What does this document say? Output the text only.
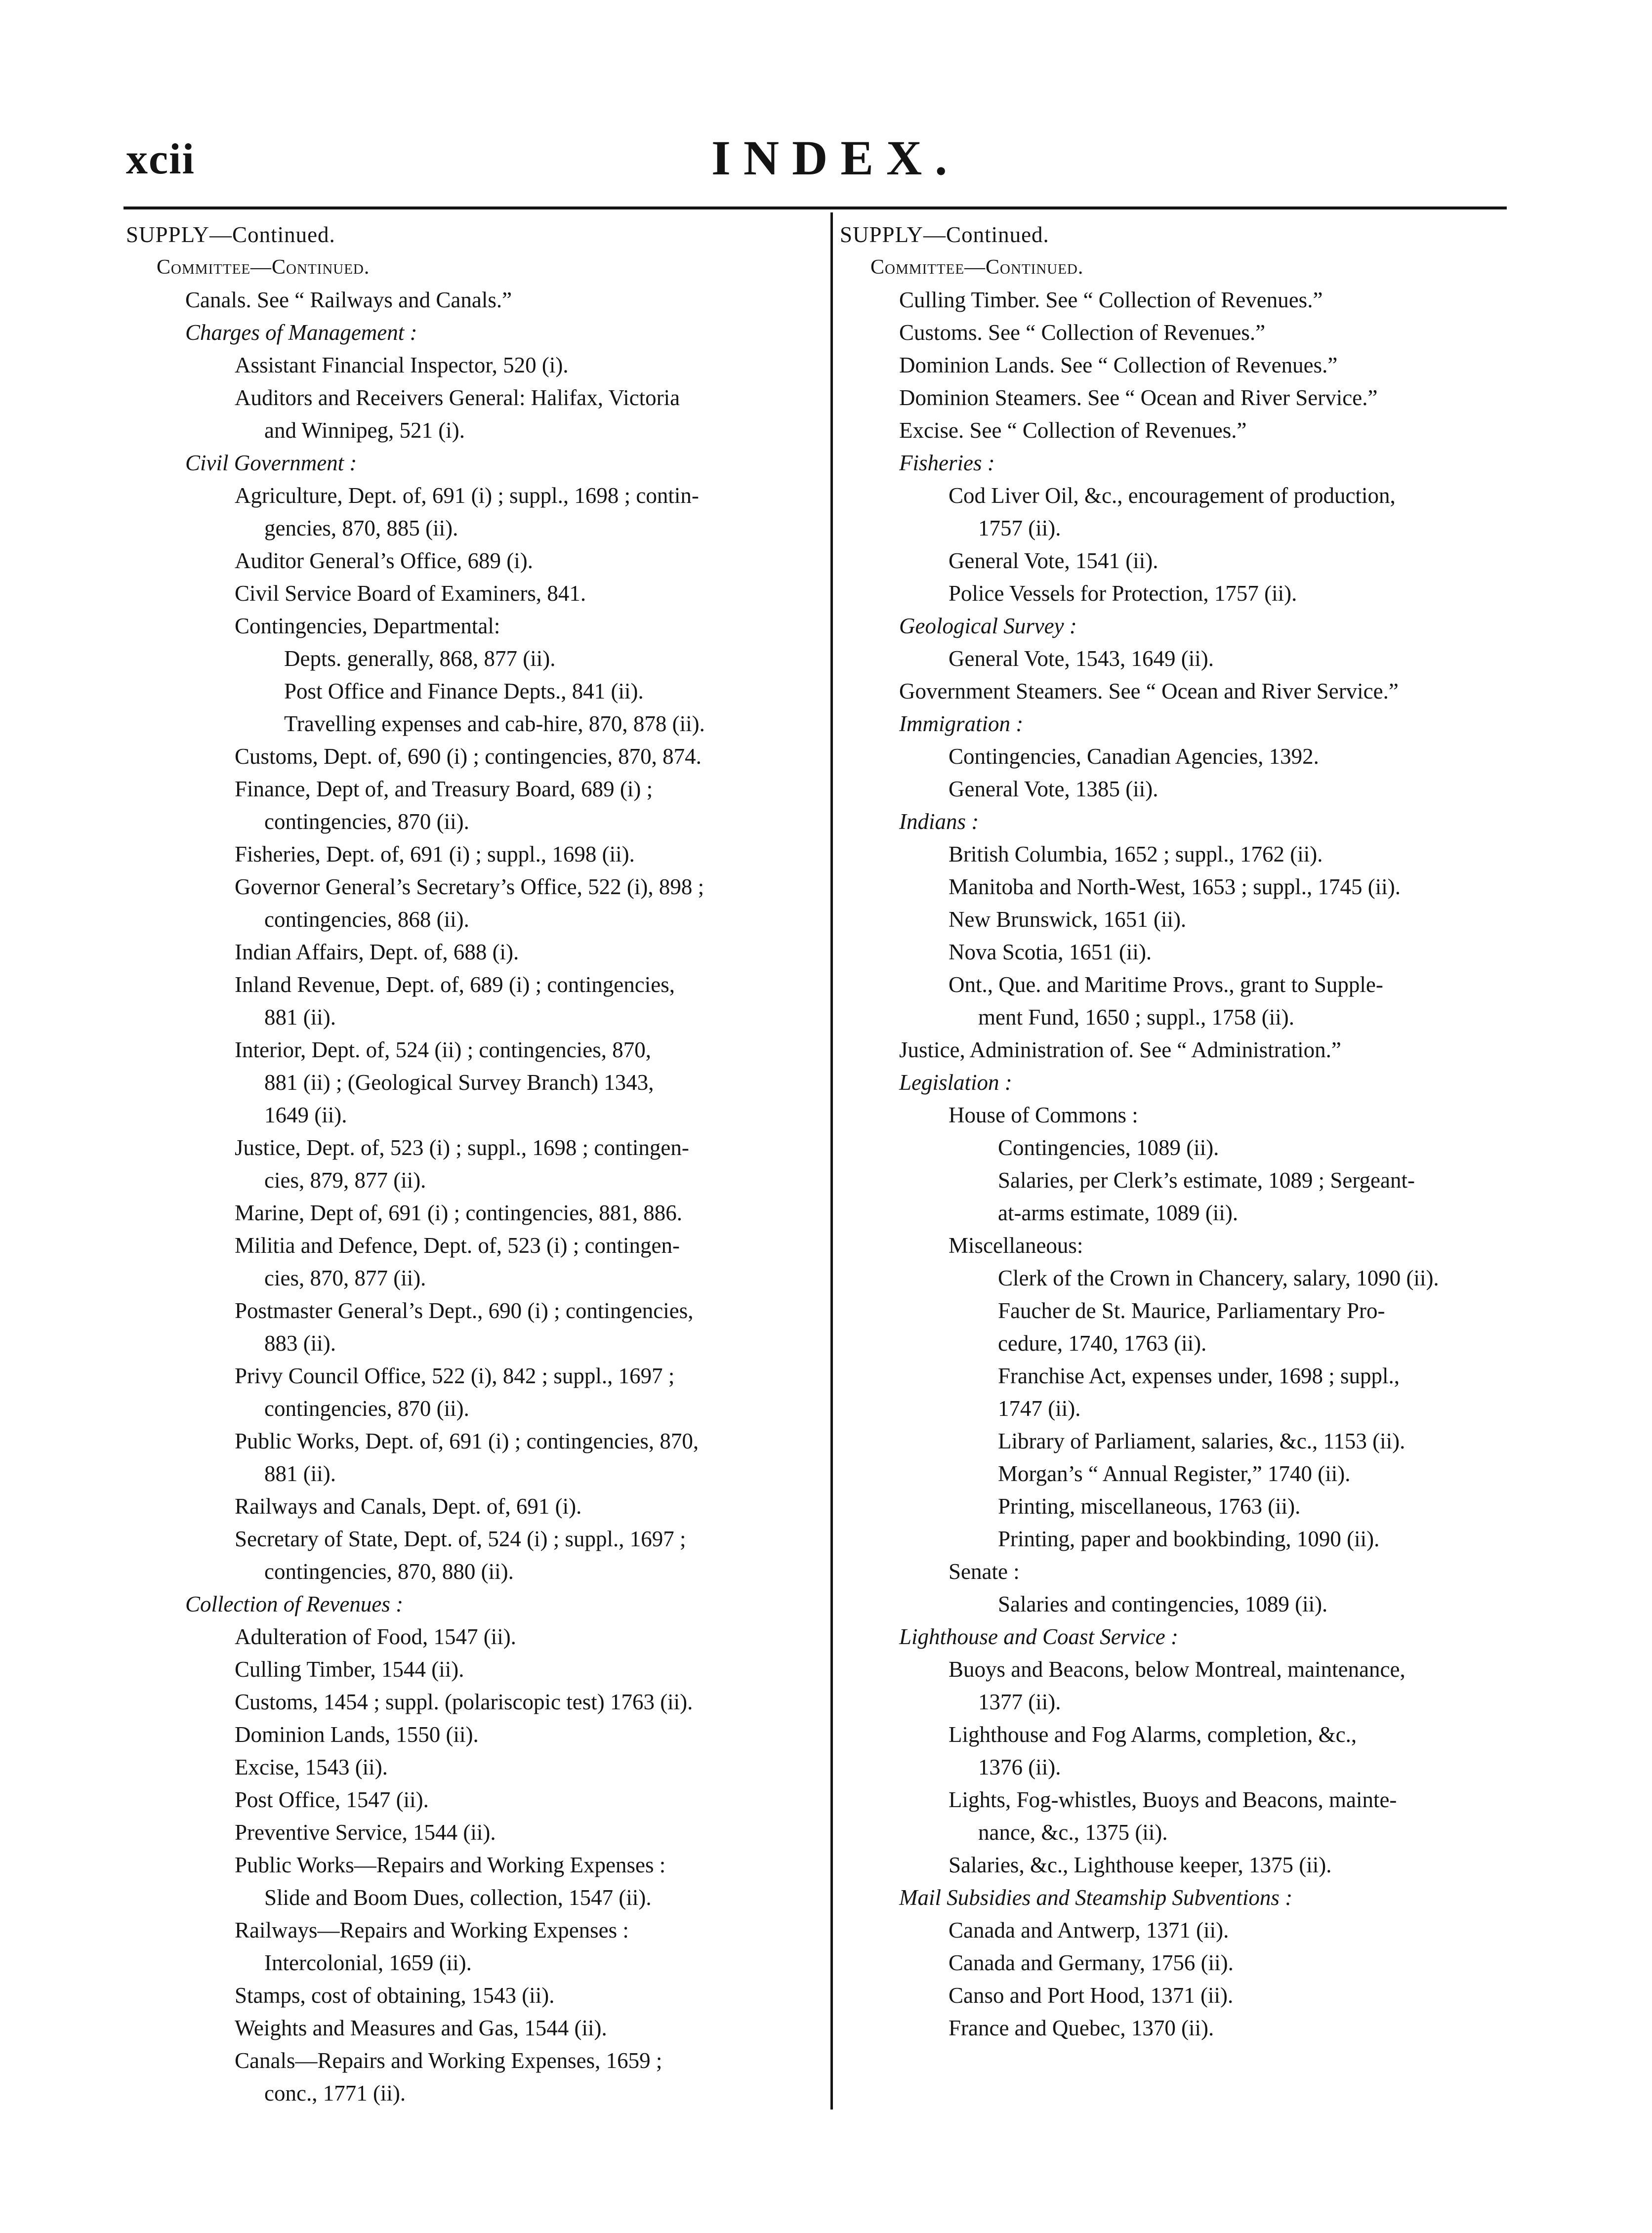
xcii	INDEX.
SUPPLY—Continued.
Committee—Continued.
Canals. See “ Railways and Canals.”
Charges of Management :
Assistant Financial Inspector, 520 (i).
Auditors and Receivers General: Halifax, Victoria
and Winnipeg, 521 (i).
Civil Government :
Agriculture, Dept. of, 691 (i) ; suppl., 1698 ; contin-
gencies, 870, 885 (ii).
Auditor General’s Office, 689 (i).
Civil Service Board of Examiners, 841.
Contingencies, Departmental:
Depts. generally, 868, 877 (ii).
Post Office and Finance Depts., 841 (ii).
Travelling expenses and cab-hire, 870, 878 (ii).
Customs, Dept. of, 690 (i) ; contingencies, 870, 874.
Finance, Dept of, and Treasury Board, 689 (i) ;
contingencies, 870 (ii).
Fisheries, Dept. of, 691 (i) ; suppl., 1698 (ii).
Governor General’s Secretary’s Office, 522 (i), 898 ;
contingencies, 868 (ii).
Indian Affairs, Dept. of, 688 (i).
Inland Revenue, Dept. of, 689 (i) ; contingencies,
881 (ii).
Interior, Dept. of, 524 (ii) ; contingencies, 870,
881 (ii) ; (Geological Survey Branch) 1343,
1649 (ii).
Justice, Dept. of, 523 (i) ; suppl., 1698 ; contingen-
cies, 879, 877 (ii).
Marine, Dept of, 691 (i) ; contingencies, 881, 886.
Militia and Defence, Dept. of, 523 (i) ; contingen-
cies, 870, 877 (ii).
Postmaster General’s Dept., 690 (i) ; contingencies,
883 (ii).
Privy Council Office, 522 (i), 842 ; suppl., 1697 ;
contingencies, 870 (ii).
Public Works, Dept. of, 691 (i) ; contingencies, 870,
881 (ii).
Railways and Canals, Dept. of, 691 (i).
Secretary of State, Dept. of, 524 (i) ; suppl., 1697 ;
contingencies, 870, 880 (ii).
Collection of Revenues :
Adulteration of Food, 1547 (ii).
Culling Timber, 1544 (ii).
Customs, 1454 ; suppl. (polariscopic test) 1763 (ii).
Dominion Lands, 1550 (ii).
Excise, 1543 (ii).
Post Office, 1547 (ii).
Preventive Service, 1544 (ii).
Public Works—Repairs and Working Expenses :
Slide and Boom Dues, collection, 1547 (ii).
Railways—Repairs and Working Expenses :
Intercolonial, 1659 (ii).
Stamps, cost of obtaining, 1543 (ii).
Weights and Measures and Gas, 1544 (ii).
Canals—Repairs and Working Expenses, 1659 ;
conc., 1771 (ii).
SUPPLY—Continued.
Committee—Continued.
Culling Timber. See “ Collection of Revenues.”
Customs. See “ Collection of Revenues.”
Dominion Lands. See “ Collection of Revenues.”
Dominion Steamers. See “ Ocean and River Service.”
Excise. See “ Collection of Revenues.”
Fisheries :
Cod Liver Oil, &c., encouragement of production,
1757 (ii).
General Vote, 1541 (ii).
Police Vessels for Protection, 1757 (ii).
Geological Survey :
General Vote, 1543, 1649 (ii).
Government Steamers. See “ Ocean and River Service.”
Immigration :
Contingencies, Canadian Agencies, 1392.
General Vote, 1385 (ii).
Indians :
British Columbia, 1652 ; suppl., 1762 (ii).
Manitoba and North-West, 1653 ; suppl., 1745 (ii).
New Brunswick, 1651 (ii).
Nova Scotia, 1651 (ii).
Ont., Que. and Maritime Provs., grant to Supple-
ment Fund, 1650 ; suppl., 1758 (ii).
Justice, Administration of. See “ Administration.”
Legislation :
House of Commons :
Contingencies, 1089 (ii).
Salaries, per Clerk’s estimate, 1089 ; Sergeant-
at-arms estimate, 1089 (ii).
Miscellaneous:
Clerk of the Crown in Chancery, salary, 1090 (ii).
Faucher de St. Maurice, Parliamentary Pro-
cedure, 1740, 1763 (ii).
Franchise Act, expenses under, 1698 ; suppl.,
1747 (ii).
Library of Parliament, salaries, &c., 1153 (ii).
Morgan’s “ Annual Register,” 1740 (ii).
Printing, miscellaneous, 1763 (ii).
Printing, paper and bookbinding, 1090 (ii).
Senate :
Salaries and contingencies, 1089 (ii).
Lighthouse and Coast Service :
Buoys and Beacons, below Montreal, maintenance,
1377 (ii).
Lighthouse and Fog Alarms, completion, &c.,
1376 (ii).
Lights, Fog-whistles, Buoys and Beacons, mainte-
nance, &c., 1375 (ii).
Salaries, &c., Lighthouse keeper, 1375 (ii).
Mail Subsidies and Steamship Subventions :
Canada and Antwerp, 1371 (ii).
Canada and Germany, 1756 (ii).
Canso and Port Hood, 1371 (ii).
France and Quebec, 1370 (ii).
